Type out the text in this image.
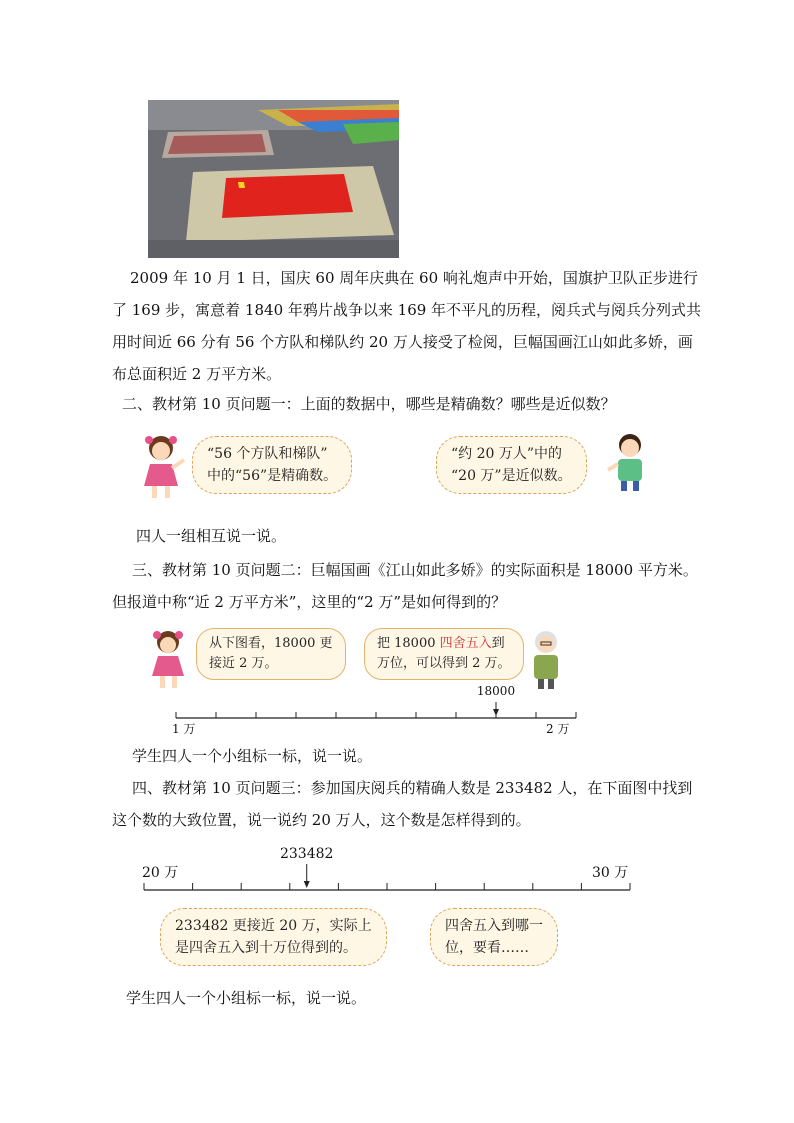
2009 年 10 月 1 日，国庆 60 周年庆典在 60 响礼炮声中开始，国旗护卫队正步进行
了 169 步，寓意着 1840 年鸦片战争以来 169 年不平凡的历程，阅兵式与阅兵分列式共
用时间近 66 分有 56 个方队和梯队约 20 万人接受了检阅，巨幅国画江山如此多娇，画
布总面积近 2 万平方米。
二、教材第 10 页问题一：上面的数据中，哪些是精确数？哪些是近似数？
“56 个方队和梯队”
中的“56”是精确数。
“约 20 万人”中的
“20 万”是近似数。
四人一组相互说一说。
三、教材第 10 页问题二：巨幅国画《江山如此多娇》的实际面积是 18000 平方米。
但报道中称“近 2 万平方米”，这里的“2 万”是如何得到的？
从下图看，18000 更
接近 2 万。
把 18000 四舍五入到
万位，可以得到 2 万。
18000
1 万	2 万
学生四人一个小组标一标，说一说。
四、教材第 10 页问题三：参加国庆阅兵的精确人数是 233482 人，在下面图中找到
这个数的大致位置，说一说约 20 万人，这个数是怎样得到的。
233482
20 万	30 万
233482 更接近 20 万，实际上
是四舍五入到十万位得到的。
四舍五入到哪一
位，要看……
学生四人一个小组标一标，说一说。
